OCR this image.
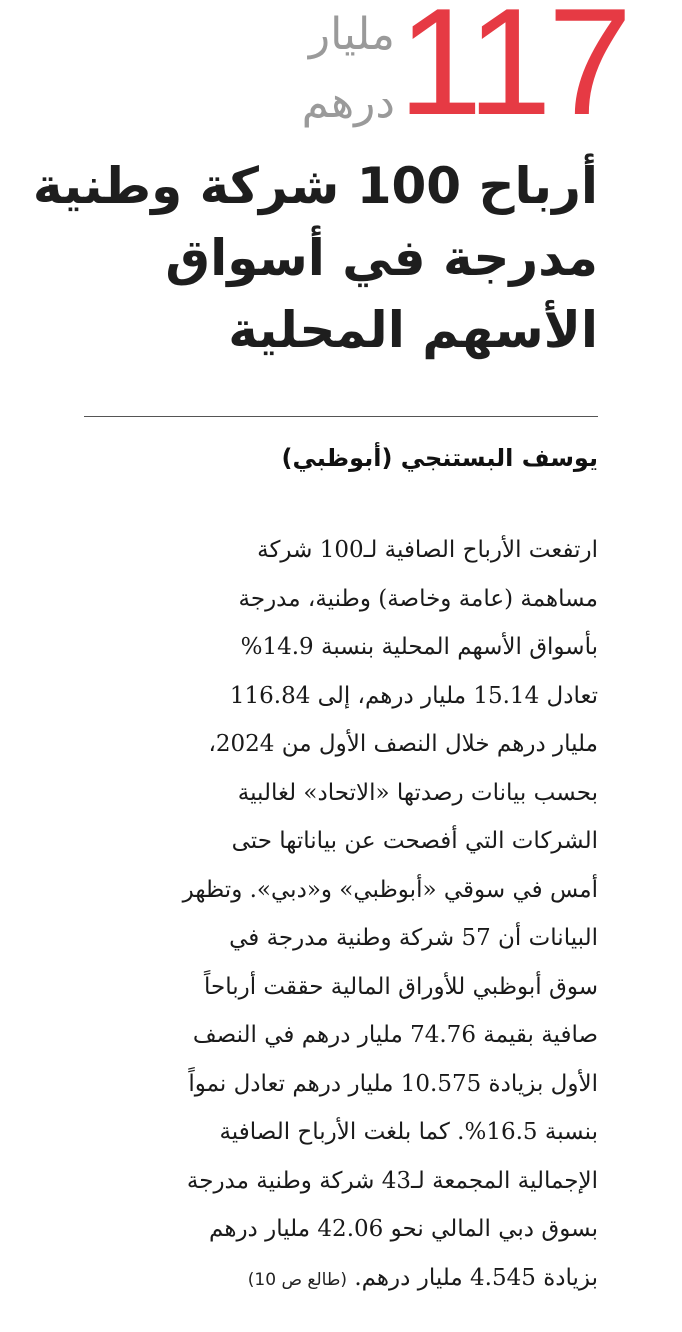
117
مليار
درهم
أرباح 100 شركة وطنية
مدرجة في أسواق
الأسهم المحلية
يوسف البستنجي (أبوظبي)
ارتفعت الأرباح الصافية لـ100 شركة
مساهمة (عامة وخاصة) وطنية، مدرجة
بأسواق الأسهم المحلية بنسبة 14.9%
تعادل 15.14 مليار درهم، إلى 116.84
مليار درهم خلال النصف الأول من 2024،
بحسب بيانات رصدتها «الاتحاد» لغالبية
الشركات التي أفصحت عن بياناتها حتى
أمس في سوقي «أبوظبي» و«دبي». وتظهر
البيانات أن 57 شركة وطنية مدرجة في
سوق أبوظبي للأوراق المالية حققت أرباحاً
صافية بقيمة 74.76 مليار درهم في النصف
الأول بزيادة 10.575 مليار درهم تعادل نمواً
بنسبة 16.5%. كما بلغت الأرباح الصافية
الإجمالية المجمعة لـ43 شركة وطنية مدرجة
بسوق دبي المالي نحو 42.06 مليار درهم
بزيادة 4.545 مليار درهم. (طالع ص 10)
